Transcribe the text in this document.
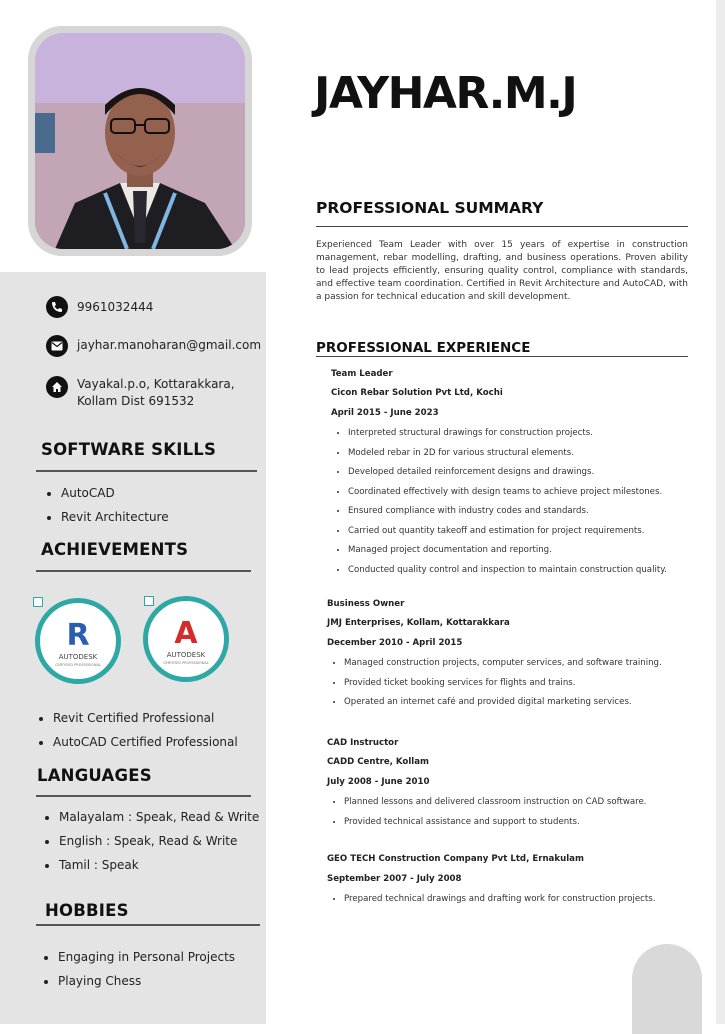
9961032444
jayhar.manoharan@gmail.com
Vayakal.p.o, Kottarakkara,
Kollam Dist 691532
SOFTWARE SKILLS
• AutoCAD
• Revit Architecture
ACHIEVEMENTS
R
AUTODESK
CERTIFIED PROFESSIONAL
A
AUTODESK
CERTIFIED PROFESSIONAL
• Revit Certified Professional
• AutoCAD Certified Professional
LANGUAGES
• Malayalam : Speak, Read & Write
• English : Speak, Read & Write
• Tamil : Speak
HOBBIES
• Engaging in Personal Projects
• Playing Chess
JAYHAR.M.J
PROFESSIONAL SUMMARY

Experienced Team Leader with over 15 years of expertise in construction management, rebar modelling, drafting, and business operations. Proven ability to lead projects efficiently, ensuring quality control, compliance with standards, and effective team coordination. Certified in Revit Architecture and AutoCAD, with a passion for technical education and skill development.

PROFESSIONAL EXPERIENCE
Team Leader
Cicon Rebar Solution Pvt Ltd, Kochi
April 2015 - June 2023
• Interpreted structural drawings for construction projects.
• Modeled rebar in 2D for various structural elements.
• Developed detailed reinforcement designs and drawings.
• Coordinated effectively with design teams to achieve project milestones.
• Ensured compliance with industry codes and standards.
• Carried out quantity takeoff and estimation for project requirements.
• Managed project documentation and reporting.
• Conducted quality control and inspection to maintain construction quality.
Business Owner
JMJ Enterprises, Kollam, Kottarakkara
December 2010 - April 2015
• Managed construction projects, computer services, and software training.
• Provided ticket booking services for flights and trains.
• Operated an internet café and provided digital marketing services.
CAD Instructor
CADD Centre, Kollam
July 2008 - June 2010
• Planned lessons and delivered classroom instruction on CAD software.
• Provided technical assistance and support to students.
GEO TECH Construction Company Pvt Ltd, Ernakulam
September 2007 - July 2008
• Prepared technical drawings and drafting work for construction projects.
